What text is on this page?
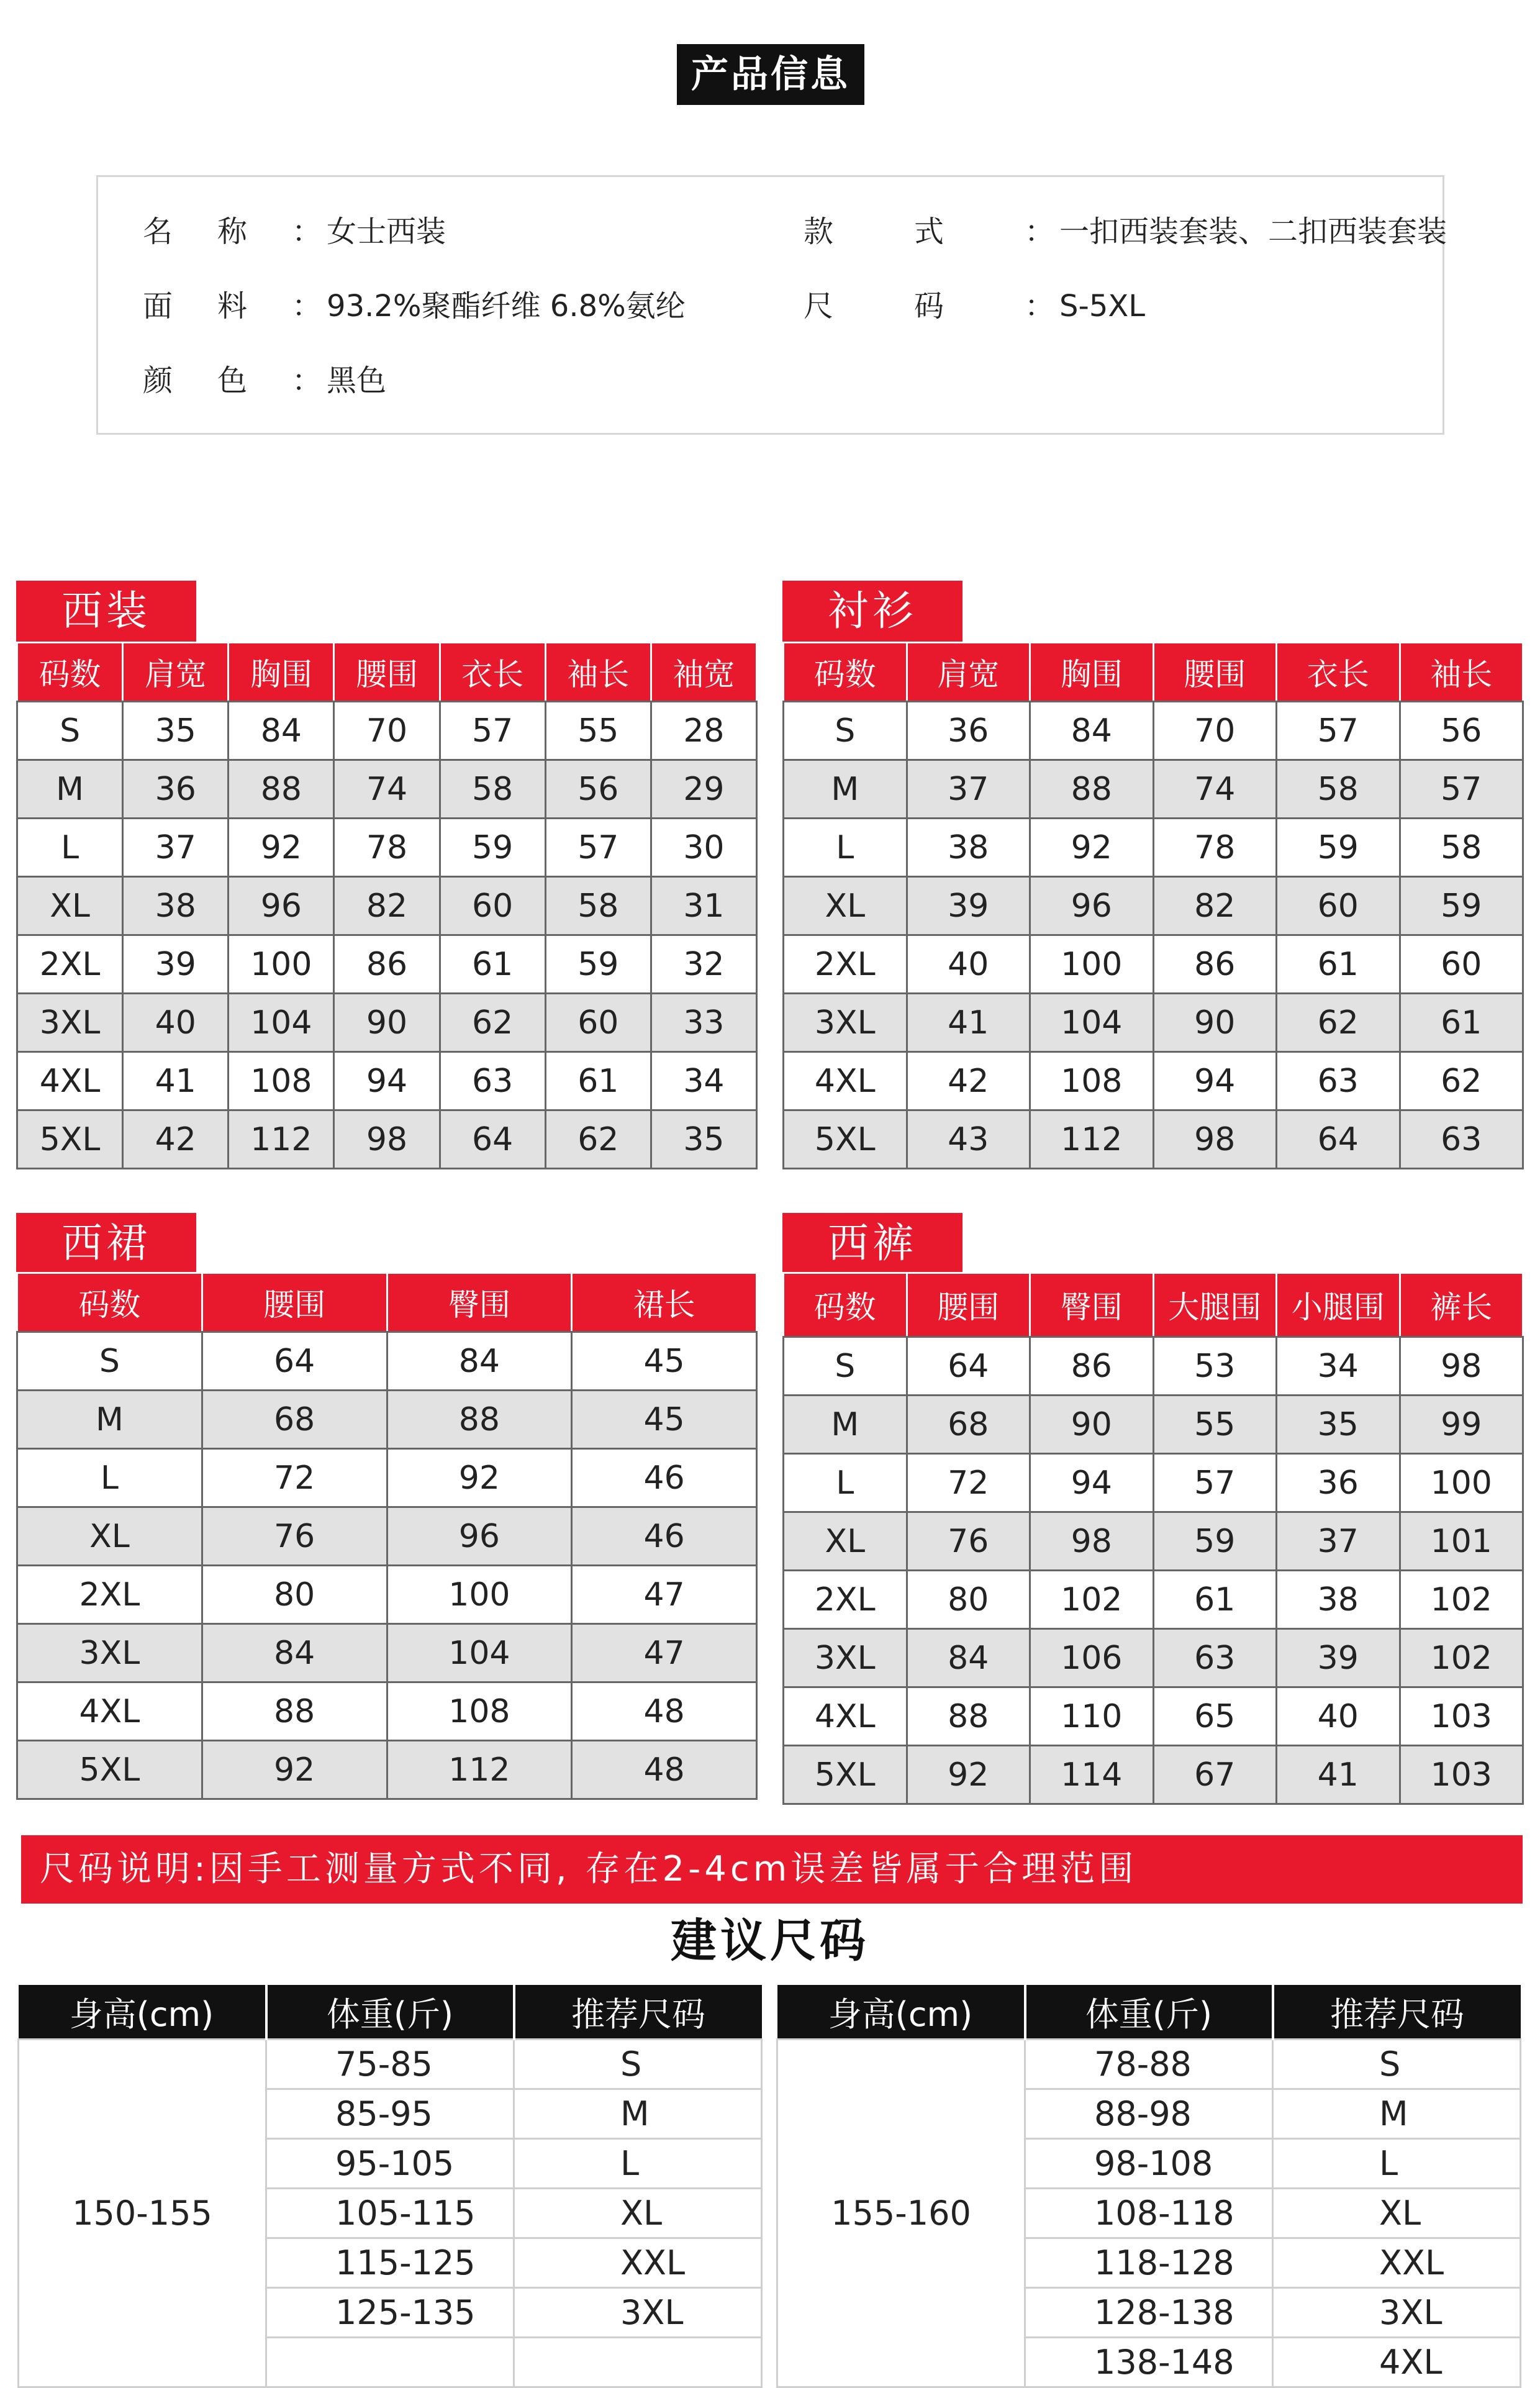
产品信息
名称： 女士西装
面料： 93.2%聚酯纤维 6.8%氨纶
颜色： 黑色
款式： 一扣西装套装、二扣西装套装
尺码： S-5XL
西装
码数	肩宽	胸围	腰围	衣长	袖长	袖宽
S	35	84	70	57	55	28
M	36	88	74	58	56	29
L	37	92	78	59	57	30
XL	38	96	82	60	58	31
2XL	39	100	86	61	59	32
3XL	40	104	90	62	60	33
4XL	41	108	94	63	61	34
5XL	42	112	98	64	62	35
衬衫
码数	肩宽	胸围	腰围	衣长	袖长
S	36	84	70	57	56
M	37	88	74	58	57
L	38	92	78	59	58
XL	39	96	82	60	59
2XL	40	100	86	61	60
3XL	41	104	90	62	61
4XL	42	108	94	63	62
5XL	43	112	98	64	63
西裙
码数	腰围	臀围	裙长
S	64	84	45
M	68	88	45
L	72	92	46
XL	76	96	46
2XL	80	100	47
3XL	84	104	47
4XL	88	108	48
5XL	92	112	48
西裤
码数	腰围	臀围	大腿围	小腿围	裤长
S	64	86	53	34	98
M	68	90	55	35	99
L	72	94	57	36	100
XL	76	98	59	37	101
2XL	80	102	61	38	102
3XL	84	106	63	39	102
4XL	88	110	65	40	103
5XL	92	114	67	41	103
尺码说明:因手工测量方式不同, 存在2-4cm误差皆属于合理范围
建议尺码
身高(cm)	体重(斤)	推荐尺码
150-155	75-85	S
	85-95	M
	95-105	L
	105-115	XL
	115-125	XXL
	125-135	3XL

身高(cm)	体重(斤)	推荐尺码
155-160	78-88	S
	88-98	M
	98-108	L
	108-118	XL
	118-128	XXL
	128-138	3XL
	138-148	4XL
